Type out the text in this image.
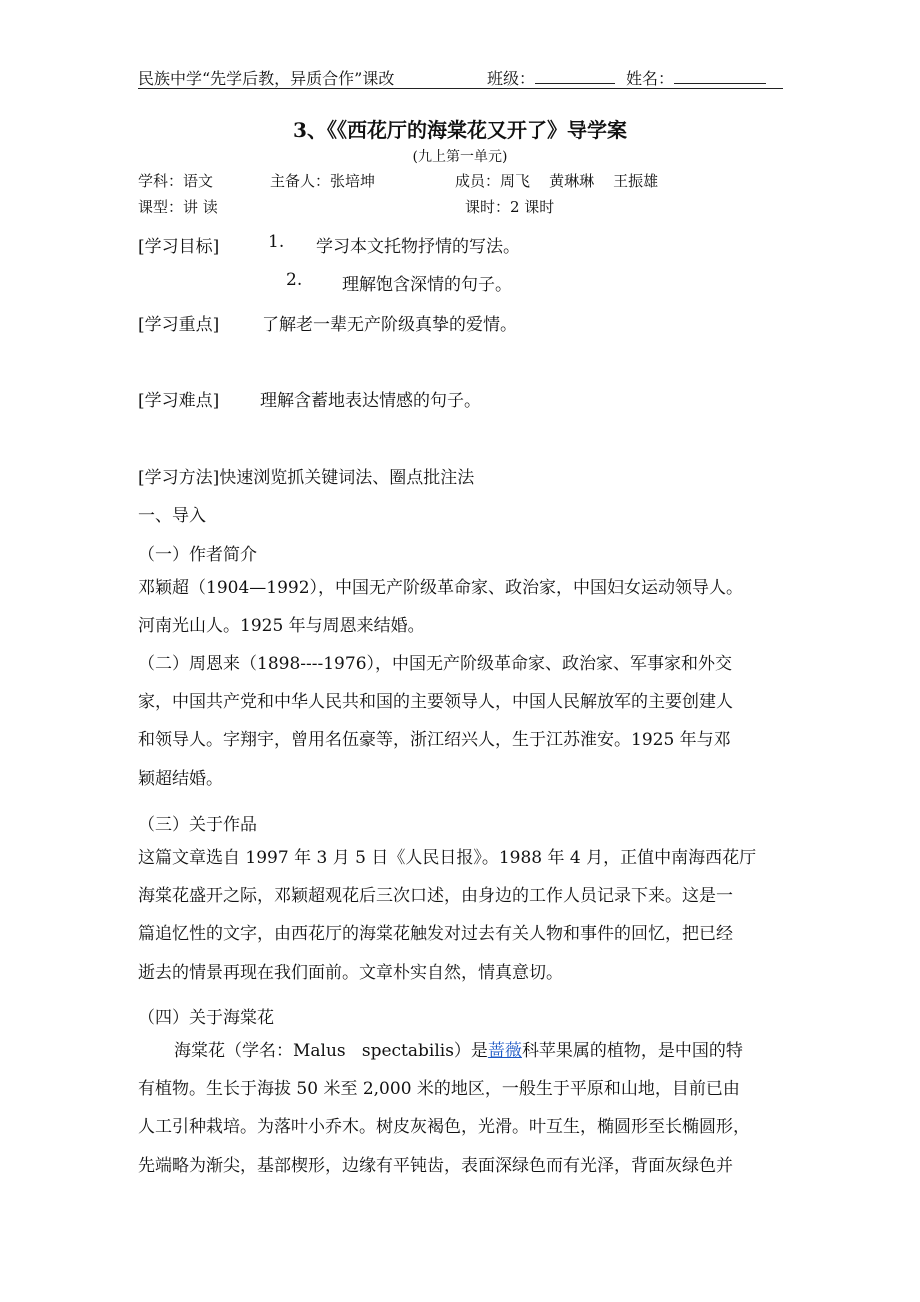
民族中学“先学后教，异质合作”课改	班级：	姓名：
3、《《西花厅的海棠花又开了》导学案
(九上第一单元)
学科：语文	主备人：张培坤	成员：周飞    黄琳琳    王振雄
课型：讲 读	课时：2 课时
[学习目标]	1. 学习本文托物抒情的写法。
2. 理解饱含深情的句子。
[学习重点]	了解老一辈无产阶级真挚的爱情。
[学习难点] 理解含蓄地表达情感的句子。
[学习方法]快速浏览抓关键词法、圈点批注法
一、导入
（一）作者简介
邓颖超（1904—1992），中国无产阶级革命家、政治家，中国妇女运动领导人。
河南光山人。1925 年与周恩来结婚。
（二）周恩来（1898----1976），中国无产阶级革命家、政治家、军事家和外交
家，中国共产党和中华人民共和国的主要领导人，中国人民解放军的主要创建人
和领导人。字翔宇，曾用名伍豪等，浙江绍兴人，生于江苏淮安。1925 年与邓
颖超结婚。
（三）关于作品
这篇文章选自 1997 年 3 月 5 日《人民日报》。1988 年 4 月，正值中南海西花厅
海棠花盛开之际，邓颖超观花后三次口述，由身边的工作人员记录下来。这是一
篇追忆性的文字，由西花厅的海棠花触发对过去有关人物和事件的回忆，把已经
逝去的情景再现在我们面前。文章朴实自然，情真意切。
（四）关于海棠花
海棠花（学名：Malus   spectabilis）是蔷薇科苹果属的植物，是中国的特
有植物。生长于海拔 50 米至 2,000 米的地区，一般生于平原和山地，目前已由
人工引种栽培。为落叶小乔木。树皮灰褐色，光滑。叶互生，椭圆形至长椭圆形，
先端略为渐尖，基部楔形，边缘有平钝齿，表面深绿色而有光泽，背面灰绿色并
